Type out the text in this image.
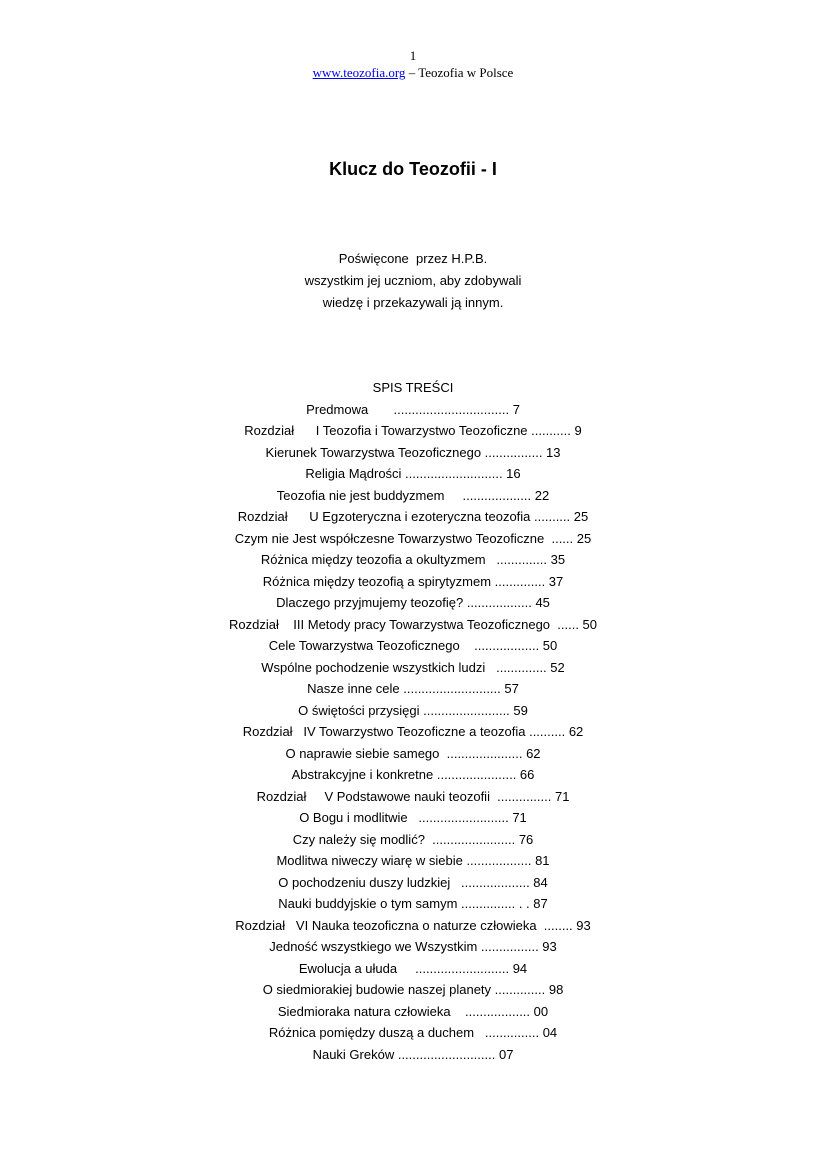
1
www.teozofia.org – Teozofia w Polsce
Klucz do Teozofii - I
Poświęcone  przez H.P.B.
wszystkim jej uczniom, aby zdobywali
wiedzę i przekazywali ją innym.
SPIS TREŚCI
Predmowa       ................................ 7
Rozdział      I Teozofia i Towarzystwo Teozoficzne ........... 9
Kierunek Towarzystwa Teozoficznego ................ 13
Religia Mądrości ........................... 16
Teozofia nie jest buddyzmem     ................... 22
Rozdział      U Egzoteryczna i ezoteryczna teozofia .......... 25
Czym nie Jest współczesne Towarzystwo Teozoficzne  ...... 25
Różnica między teozofia a okultyzmem   .............. 35
Różnica między teozofią a spirytyzmem .............. 37
Dlaczego przyjmujemy teozofię? .................. 45
Rozdział    III Metody pracy Towarzystwa Teozoficznego  ...... 50
Cele Towarzystwa Teozoficznego    .................. 50
Wspólne pochodzenie wszystkich ludzi   .............. 52
Nasze inne cele ........................... 57
O świętości przysięgi ........................ 59
Rozdział   IV Towarzystwo Teozoficzne a teozofia .......... 62
O naprawie siebie samego  ..................... 62
Abstrakcyjne i konkretne ...................... 66
Rozdział     V Podstawowe nauki teozofii  ............... 71
O Bogu i modlitwie   ......................... 71
Czy należy się modlić?  ....................... 76
Modlitwa niweczy wiarę w siebie .................. 81
O pochodzeniu duszy ludzkiej   ................... 84
Nauki buddyjskie o tym samym ............... . . 87
Rozdział   VI Nauka teozoficzna o naturze człowieka  ........ 93
Jedność wszystkiego we Wszystkim ................ 93
Ewolucja a ułuda     .......................... 94
O siedmiorakiej budowie naszej planety .............. 98
Siedmioraka natura człowieka    .................. 00
Różnica pomiędzy duszą a duchem   ............... 04
Nauki Greków ........................... 07
